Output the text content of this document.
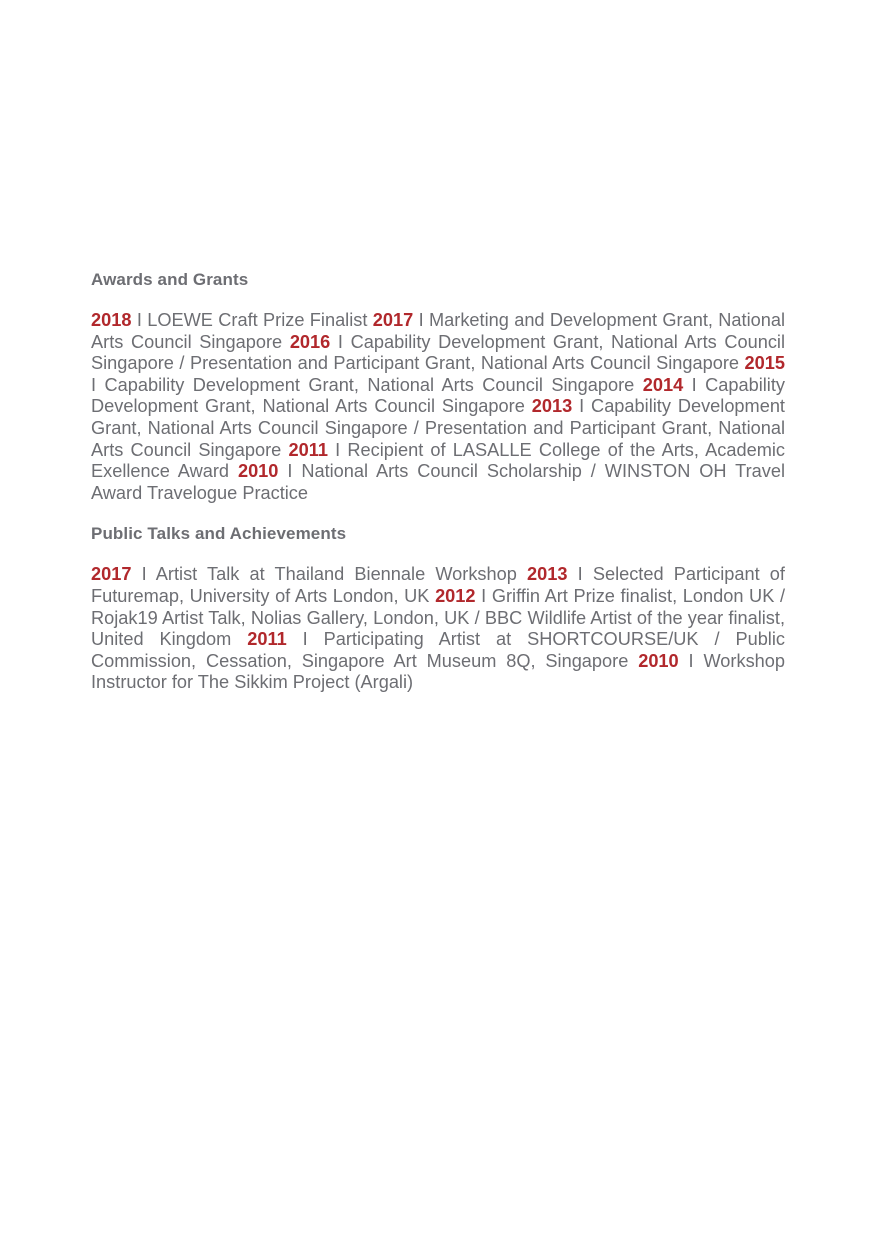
Awards and Grants

2018 I LOEWE Craft Prize Finalist 2017 I Marketing and Development Grant, National Arts Council Singapore 2016 I Capability Development Grant, National Arts Council Singapore / Presentation and Participant Grant, National Arts Council Singapore 2015 I Capability Development Grant, National Arts Council Singapore 2014 I Capability Development Grant, National Arts Council Singapore 2013 I Capability Development Grant, National Arts Council Singapore / Presentation and Participant Grant, National Arts Council Singapore 2011 I Recipient of LASALLE College of the Arts, Academic Exellence Award 2010 I National Arts Council Scholarship / WINSTON OH Travel Award Travelogue Practice

Public Talks and Achievements

2017 I Artist Talk at Thailand Biennale Workshop 2013 I Selected Participant of Futuremap, University of Arts London, UK 2012 I Griffin Art Prize finalist, London UK / Rojak19 Artist Talk, Nolias Gallery, London, UK / BBC Wildlife Artist of the year finalist, United Kingdom 2011 I Participating Artist at SHORTCOURSE/UK / Public Commission, Cessation, Singapore Art Museum 8Q, Singapore 2010 I Workshop Instructor for The Sikkim Project (Argali)
